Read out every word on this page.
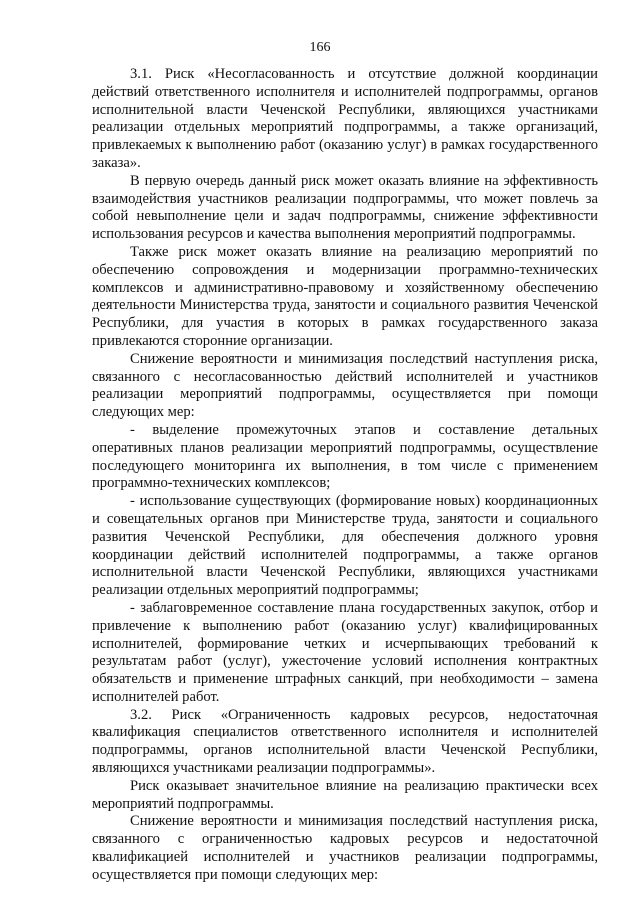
166

3.1. Риск «Несогласованность и отсутствие должной координации действий ответственного исполнителя и исполнителей подпрограммы, органов исполнительной власти Чеченской Республики, являющихся участниками реализации отдельных мероприятий подпрограммы, а также организаций, привлекаемых к выполнению работ (оказанию услуг) в рамках государственного заказа».

В первую очередь данный риск может оказать влияние на эффективность взаимодействия участников реализации подпрограммы, что может повлечь за собой невыполнение цели и задач подпрограммы, снижение эффективности использования ресурсов и качества выполнения мероприятий подпрограммы.

Также риск может оказать влияние на реализацию мероприятий по обеспечению сопровождения и модернизации программно-технических комплексов и административно-правовому и хозяйственному обеспечению деятельности Министерства труда, занятости и социального развития Чеченской Республики, для участия в которых в рамках государственного заказа привлекаются сторонние организации.

Снижение вероятности и минимизация последствий наступления риска, связанного с несогласованностью действий исполнителей и участников реализации мероприятий подпрограммы, осуществляется при помощи следующих мер:

- выделение промежуточных этапов и составление детальных оперативных планов реализации мероприятий подпрограммы, осуществление последующего мониторинга их выполнения, в том числе с применением программно-технических комплексов;

- использование существующих (формирование новых) координационных и совещательных органов при Министерстве труда, занятости и социального развития Чеченской Республики, для обеспечения должного уровня координации действий исполнителей подпрограммы, а также органов исполнительной власти Чеченской Республики, являющихся участниками реализации отдельных мероприятий подпрограммы;

- заблаговременное составление плана государственных закупок, отбор и привлечение к выполнению работ (оказанию услуг) квалифицированных исполнителей, формирование четких и исчерпывающих требований к результатам работ (услуг), ужесточение условий исполнения контрактных обязательств и применение штрафных санкций, при необходимости – замена исполнителей работ.

3.2. Риск «Ограниченность кадровых ресурсов, недостаточная квалификация специалистов ответственного исполнителя и исполнителей подпрограммы, органов исполнительной власти Чеченской Республики, являющихся участниками реализации подпрограммы».

Риск оказывает значительное влияние на реализацию практически всех мероприятий подпрограммы.

Снижение вероятности и минимизация последствий наступления риска, связанного с ограниченностью кадровых ресурсов и недостаточной квалификацией исполнителей и участников реализации подпрограммы, осуществляется при помощи следующих мер:
